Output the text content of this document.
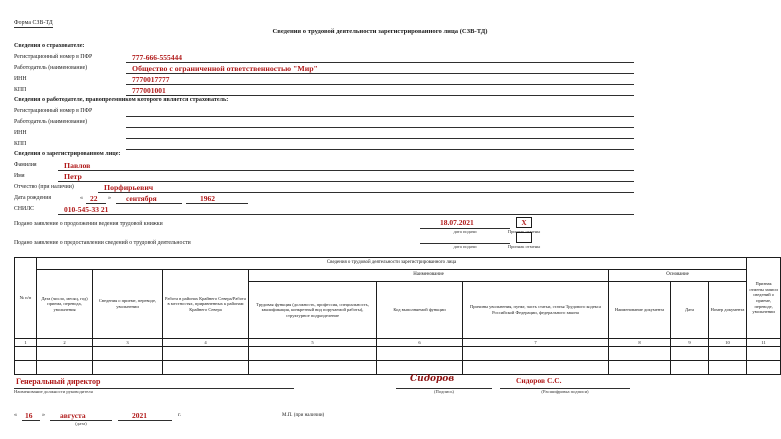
Форма СЗВ-ТД
Сведения о трудовой деятельности зарегистрированного лица (СЗВ-ТД)
Сведения о страхователе:
Регистрационный номер в ПФР	777-666-555444
Работодатель (наименование)	Общество с ограниченной ответственностью "Мир"
ИНН	7770017777
КПП	777001001
Сведения о работодателе, правопреемником которого является страхователь:
Регистрационный номер в ПФР
Работодатель (наименование)
ИНН
КПП
Сведения о зарегистрированном лице:
Фамилия	Павлов
Имя	Петр
Отчество (при наличии)	Порфирьевич
Дата рождения	« 22 » сентября	1962
СНИЛС	010-545-33 21
Подано заявление о продолжении ведения трудовой книжки	18.07.2021
дата подачи
X
Признак отмены
Подано заявление о предоставлении сведений о трудовой деятельности
дата подачи	Признак отмены
№ п/п	Сведения о трудовой деятельности зарегистрированного лица									Признак отмены записи сведений о приеме, переводе, увольнении
	Дата (число, месяц, год) приема, перевода, увольнения	Сведения о приеме, переводе, увольнении	Работа в районах Крайнего Севера/Работа в местностях, приравненных к районам Крайнего Севера	Наименование			Основание			
				Трудовая функция (должность, профессия, специальность, квалификация, конкретный вид поручаемой работы), структурное подразделение	Код выполняемой функции	Причины увольнения, пункт, часть статьи, статья Трудового кодекса Российской Федерации, федерального закона	Наименование документа	Дата	Номер документа	
1	2	3	4	5	6	7	8	9	10	11

Генеральный директор
Наименование должности руководителя
Сидоров
(Подпись)
Сидоров С.С.
(Расшифровка подписи)
« 16 » августа	2021	г.
(дата)
М.П. (при наличии)
